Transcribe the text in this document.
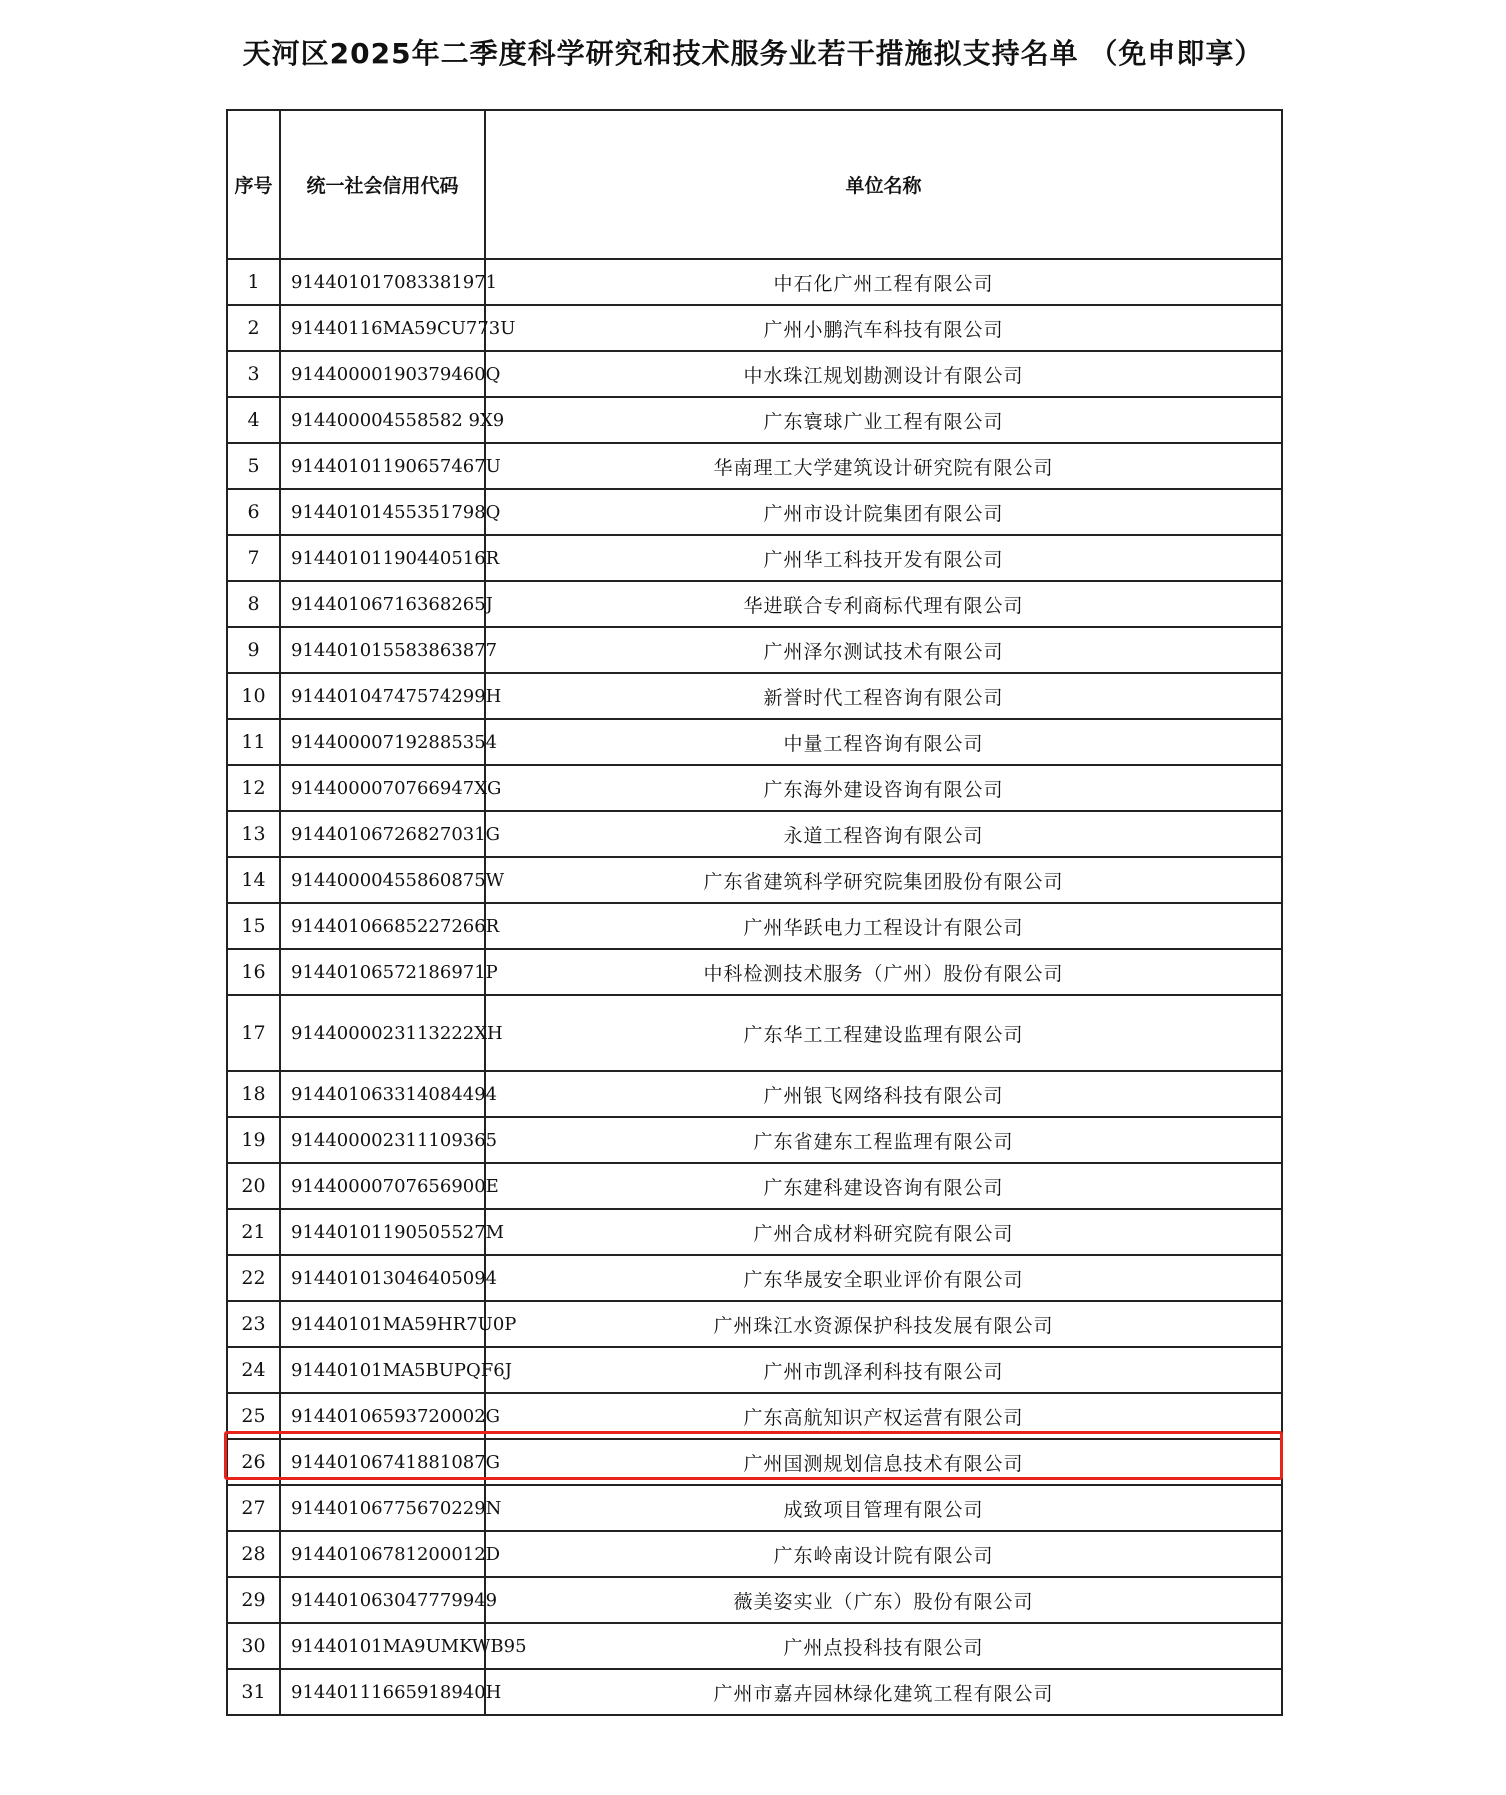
天河区2025年二季度科学研究和技术服务业若干措施拟支持名单 （免申即享）
序号	统一社会信用代码	单位名称
1	914401017083381971	中石化广州工程有限公司
2	91440116MA59CU773U	广州小鹏汽车科技有限公司
3	91440000190379460Q	中水珠江规划勘测设计有限公司
4	914400004558582 9X9	广东寰球广业工程有限公司
5	91440101190657467U	华南理工大学建筑设计研究院有限公司
6	91440101455351798Q	广州市设计院集团有限公司
7	91440101190440516R	广州华工科技开发有限公司
8	91440106716368265J	华进联合专利商标代理有限公司
9	914401015583863877	广州泽尔测试技术有限公司
10	91440104747574299H	新誉时代工程咨询有限公司
11	914400007192885354	中量工程咨询有限公司
12	9144000070766947XG	广东海外建设咨询有限公司
13	91440106726827031G	永道工程咨询有限公司
14	91440000455860875W	广东省建筑科学研究院集团股份有限公司
15	91440106685227266R	广州华跃电力工程设计有限公司
16	91440106572186971P	中科检测技术服务（广州）股份有限公司
17	9144000023113222XH	广东华工工程建设监理有限公司
18	914401063314084494	广州银飞网络科技有限公司
19	914400002311109365	广东省建东工程监理有限公司
20	91440000707656900E	广东建科建设咨询有限公司
21	91440101190505527M	广州合成材料研究院有限公司
22	914401013046405094	广东华晟安全职业评价有限公司
23	91440101MA59HR7U0P	广州珠江水资源保护科技发展有限公司
24	91440101MA5BUPQF6J	广州市凯泽利科技有限公司
25	91440106593720002G	广东高航知识产权运营有限公司
26	91440106741881087G	广州国测规划信息技术有限公司
27	91440106775670229N	成致项目管理有限公司
28	91440106781200012D	广东岭南设计院有限公司
29	914401063047779949	薇美姿实业（广东）股份有限公司
30	91440101MA9UMKWB95	广州点投科技有限公司
31	91440111665918940H	广州市嘉卉园林绿化建筑工程有限公司
